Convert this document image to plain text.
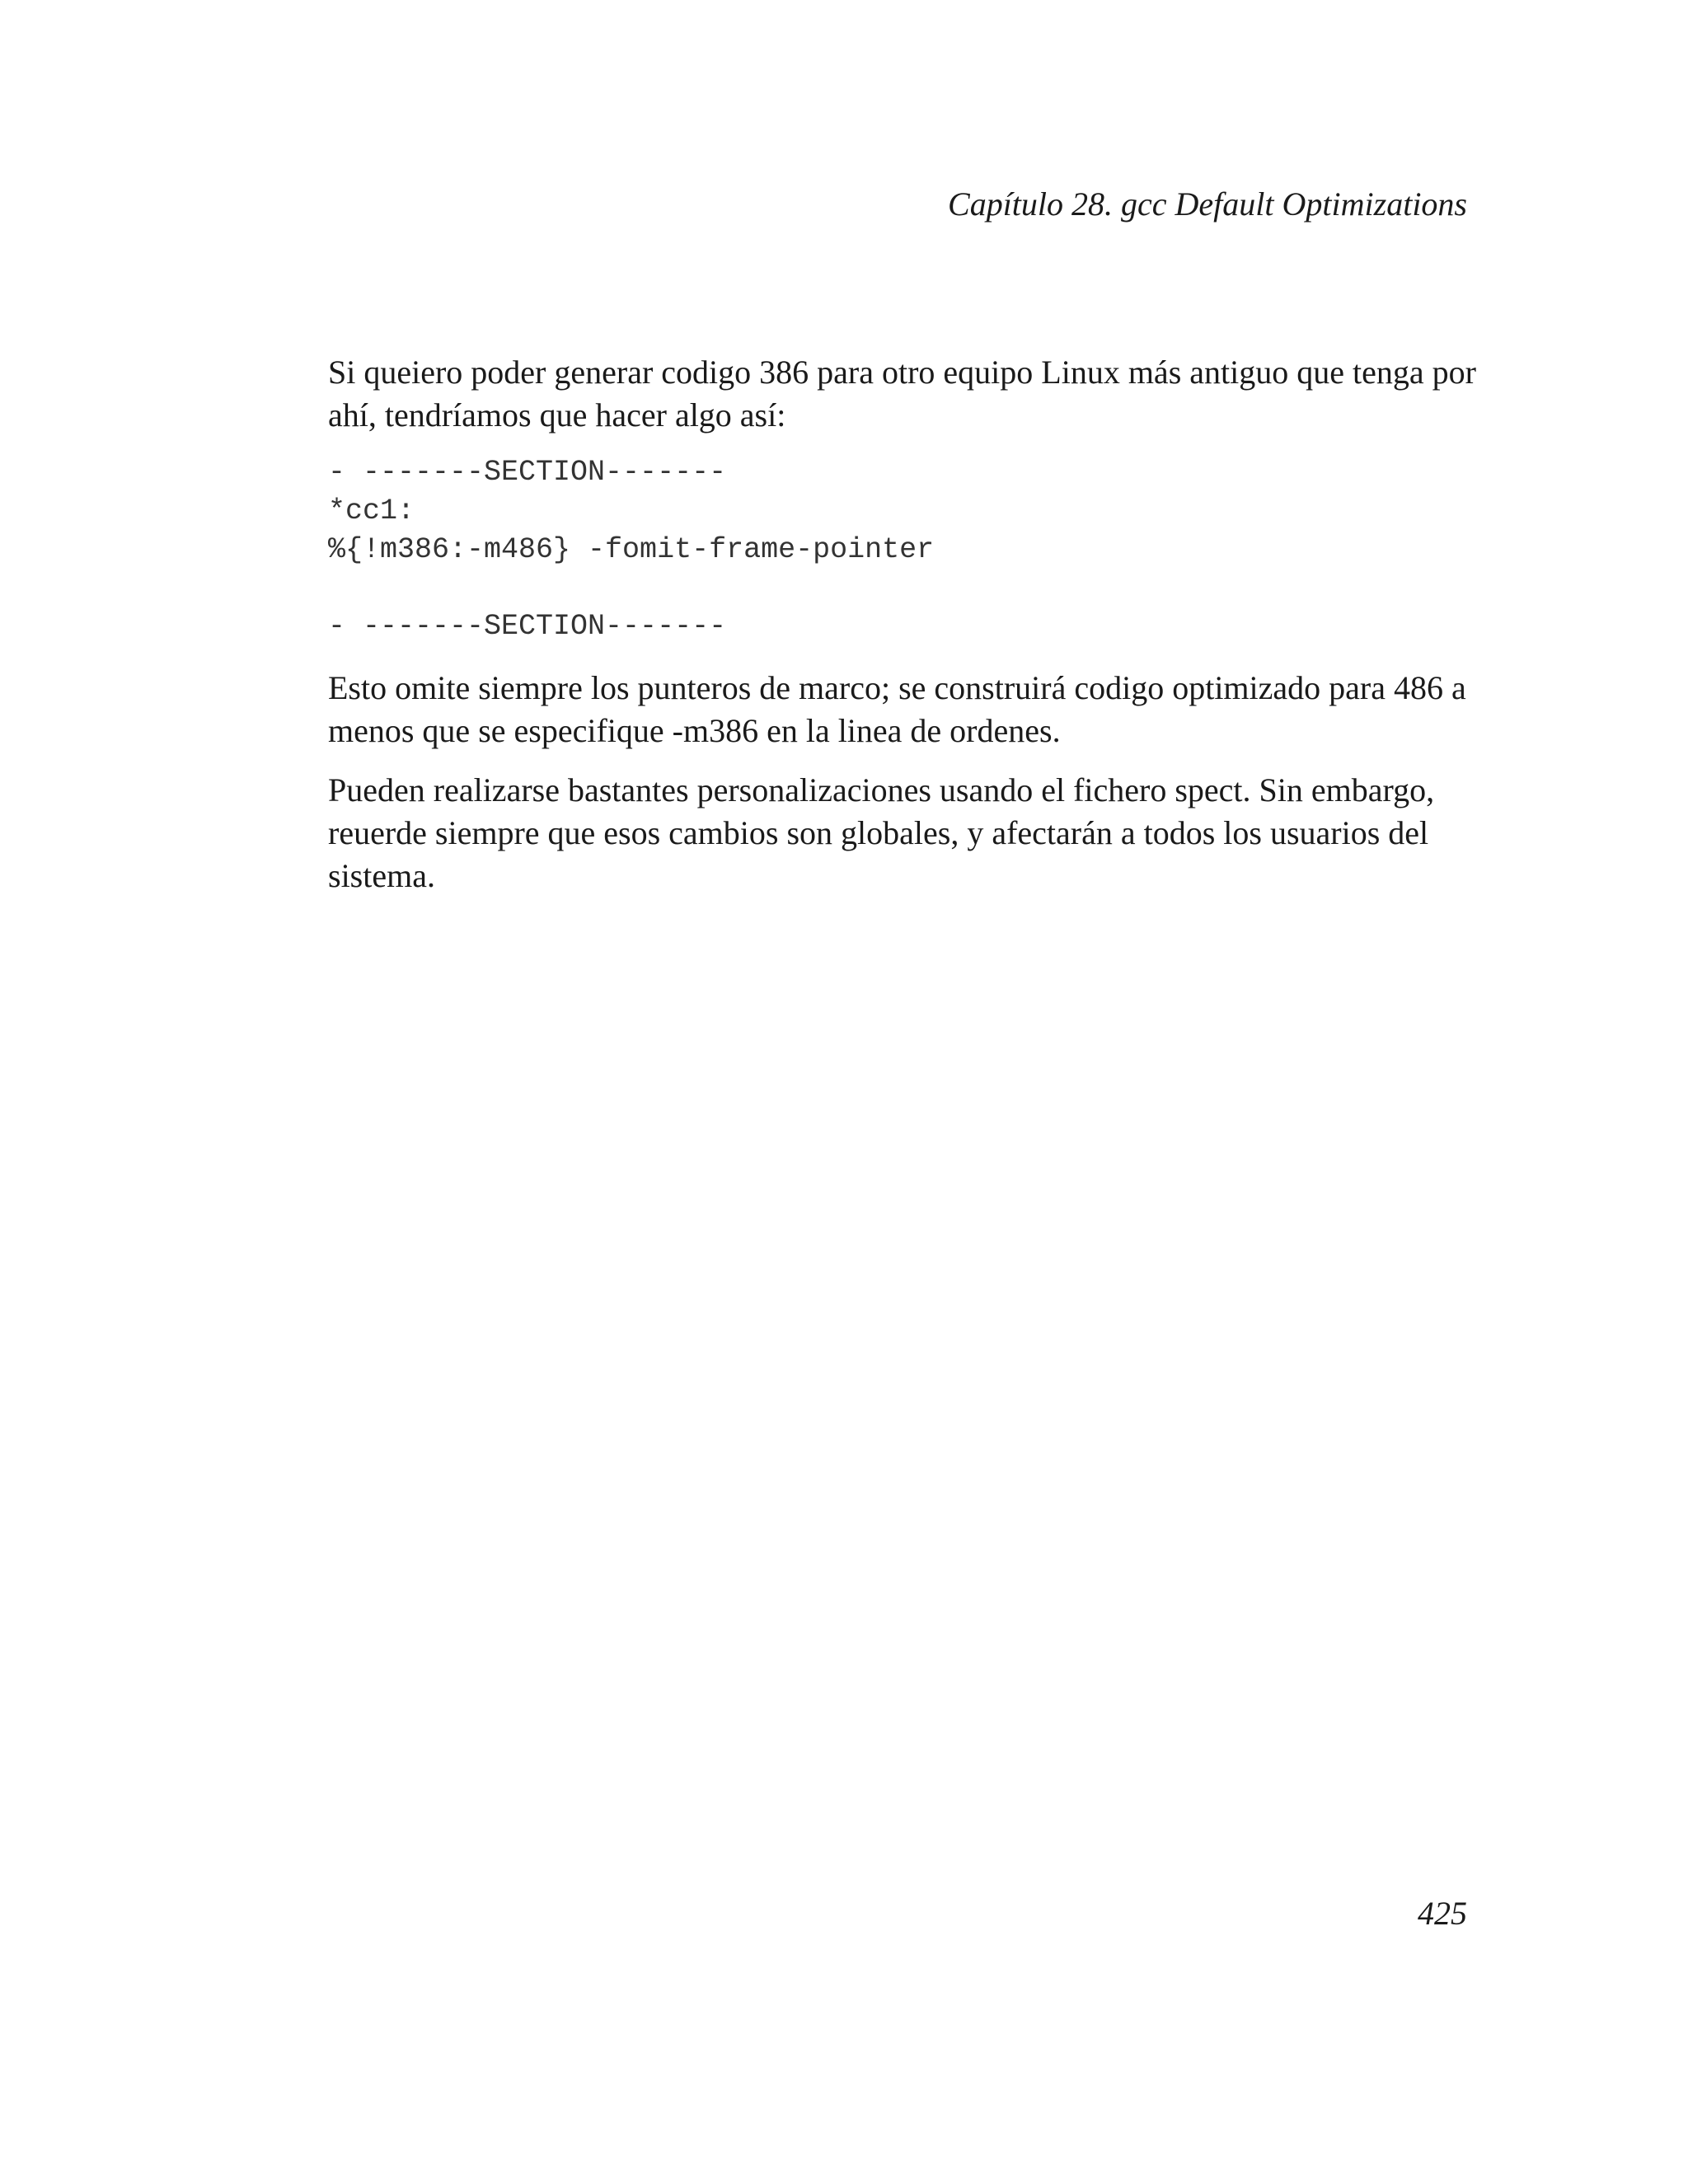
Capítulo 28. gcc Default Optimizations

Si queiero poder generar codigo 386 para otro equipo Linux más antiguo que tenga por ahí, tendríamos que hacer algo así:

- -------SECTION-------
*cc1:
%{!m386:-m486} -fomit-frame-pointer
- -------SECTION-------

Esto omite siempre los punteros de marco; se construirá codigo optimizado para 486 a menos que se especifique -m386 en la linea de ordenes.

Pueden realizarse bastantes personalizaciones usando el fichero spect. Sin embargo, reuerde siempre que esos cambios son globales, y afectarán a todos los usuarios del sistema.

425
